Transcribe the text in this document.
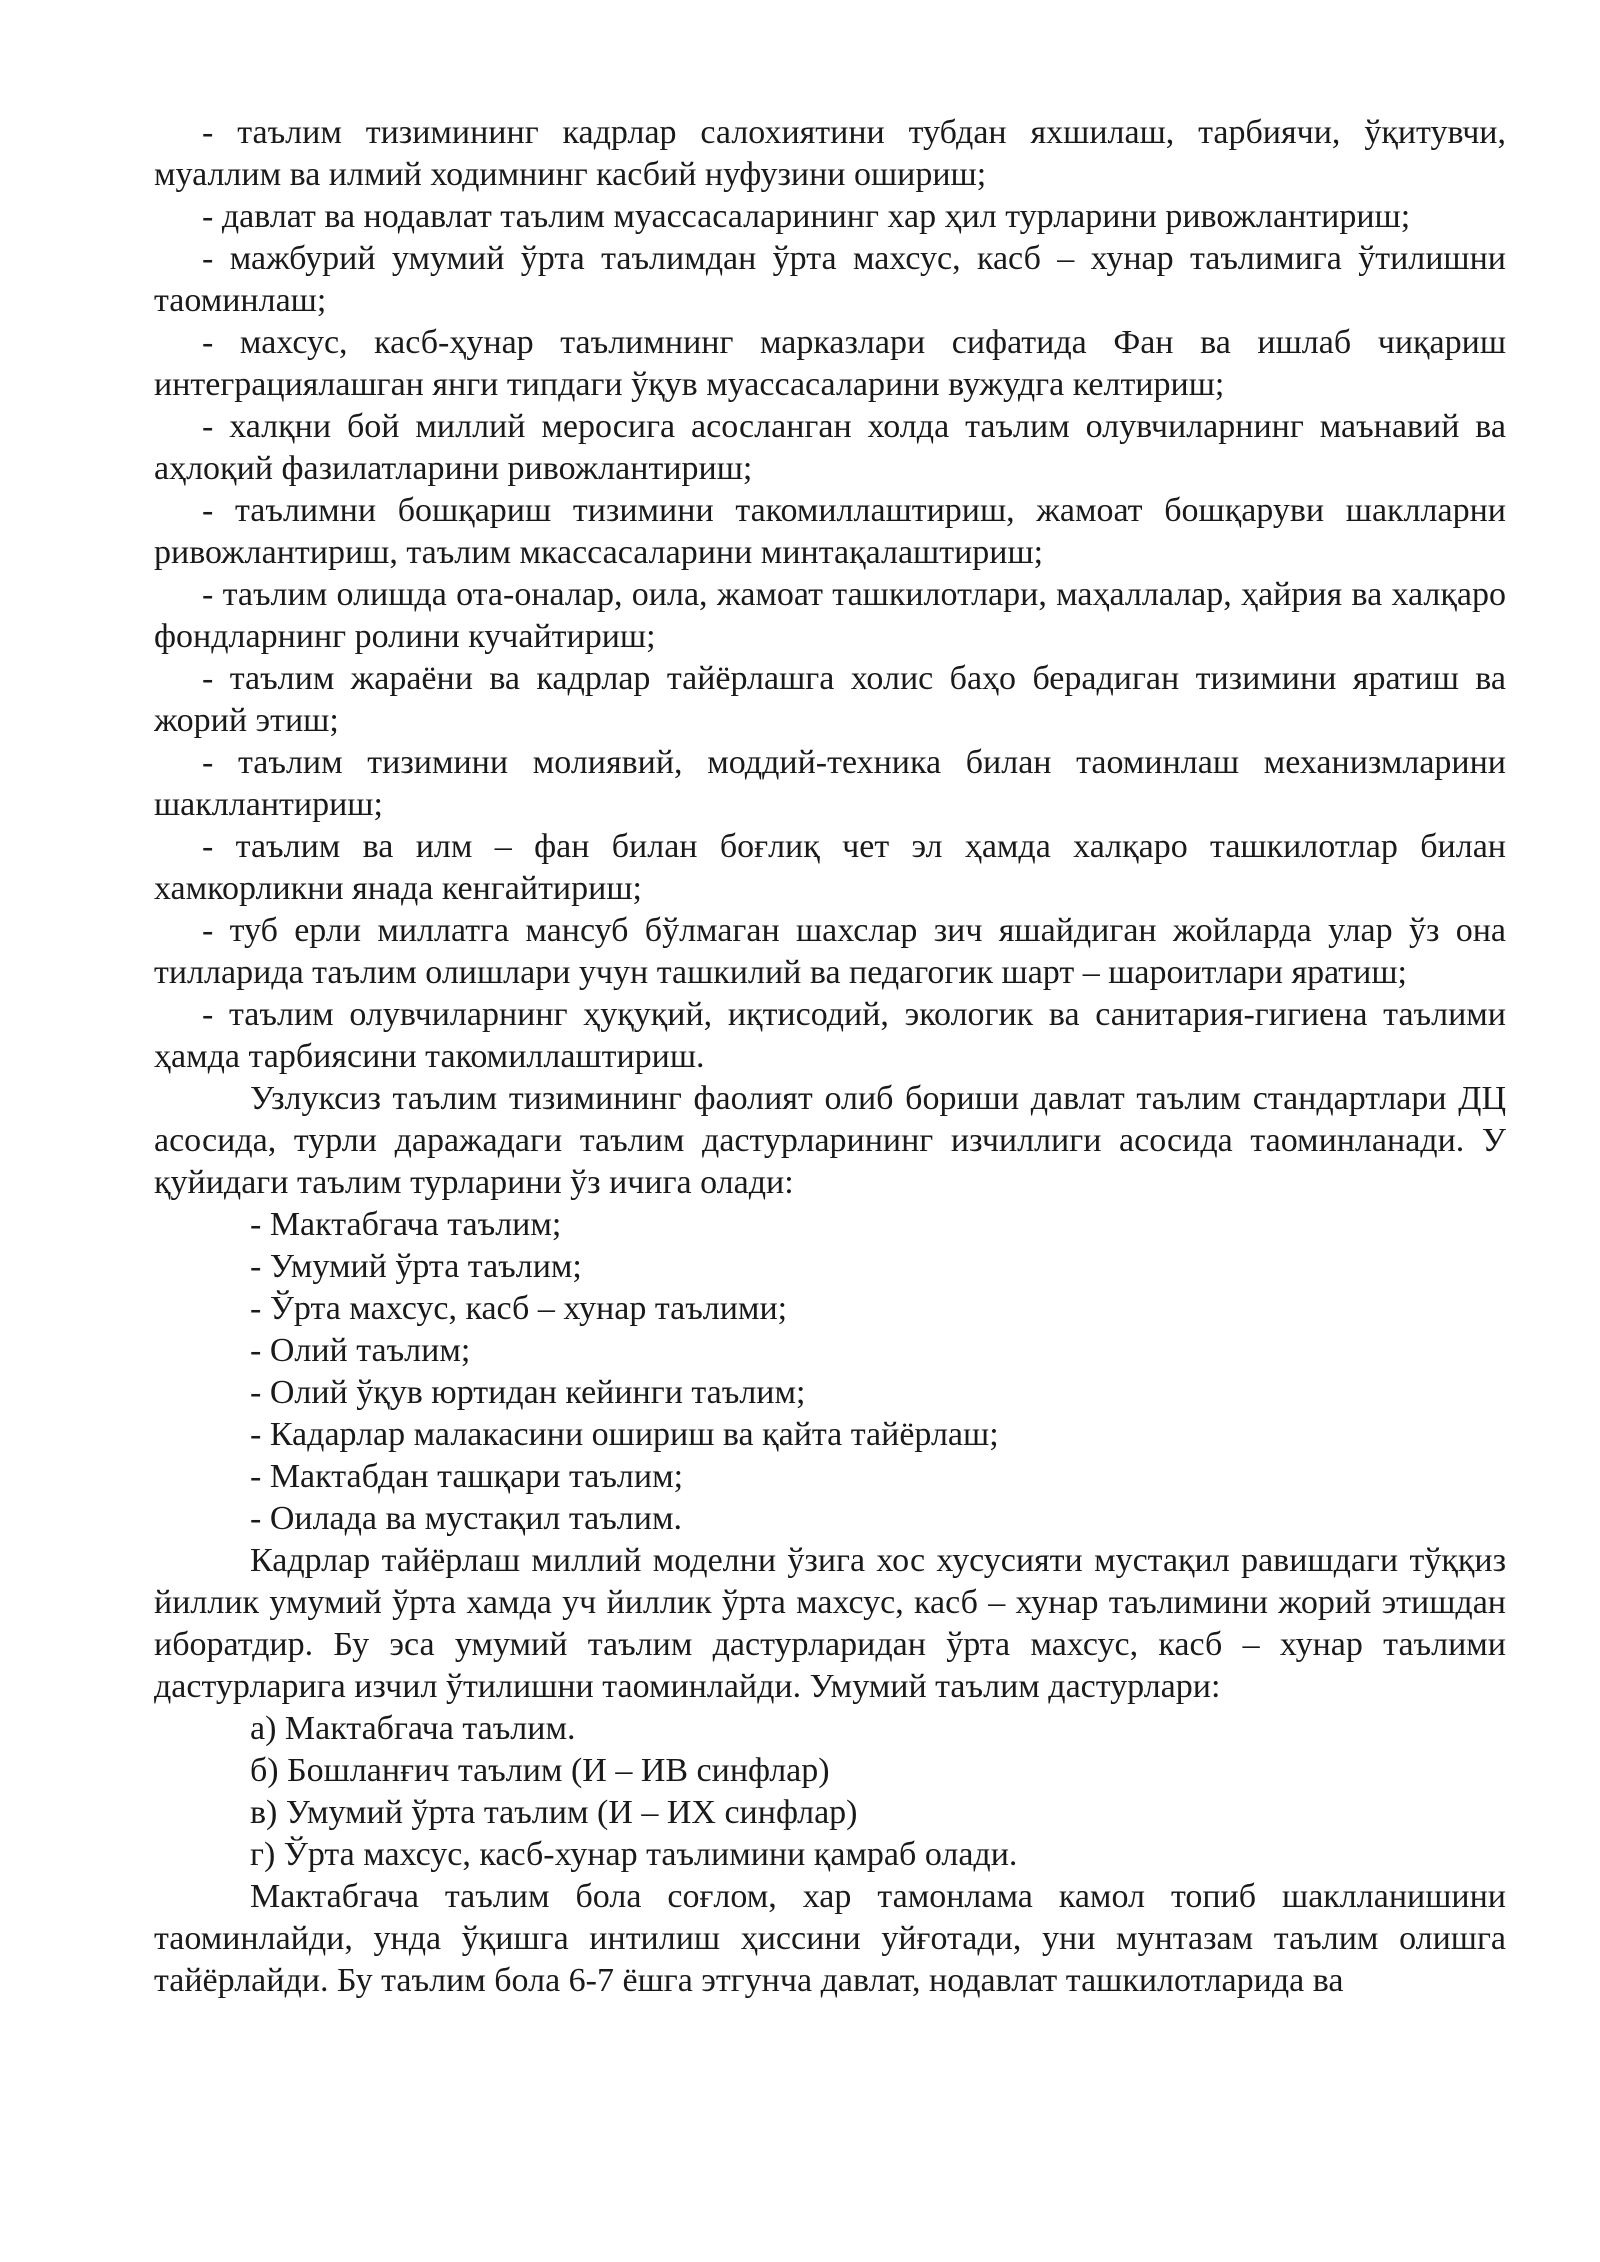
- таълим тизимининг кадрлар салохиятини тубдан яхшилаш, тарбиячи, ўқитувчи, муаллим ва илмий ходимнинг касбий нуфузини ошириш;

- давлат ва нодавлат таълим муассасаларининг хар ҳил турларини ривожлантириш;

- мажбурий умумий ўрта таълимдан ўрта махсус, касб – хунар таълимига ўтилишни таоминлаш;

- махсус, касб-ҳунар таълимнинг марказлари сифатида Фан ва ишлаб чиқариш интеграциялашган янги типдаги ўқув муассасаларини вужудга келтириш;

- халқни бой миллий меросига асосланган холда таълим олувчиларнинг маънавий ва аҳлоқий фазилатларини ривожлантириш;

- таълимни бошқариш тизимини такомиллаштириш, жамоат бошқаруви шаклларни ривожлантириш, таълим мкассасаларини минтақалаштириш;

- таълим олишда ота-оналар, оила, жамоат ташкилотлари, маҳаллалар, ҳайрия ва халқаро фондларнинг ролини кучайтириш;

- таълим жараёни ва кадрлар тайёрлашга холис баҳо берадиган тизимини яратиш ва жорий этиш;

- таълим тизимини молиявий, моддий-техника билан таоминлаш механизмларини шакллантириш;

- таълим ва илм – фан билан боғлиқ чет эл ҳамда халқаро ташкилотлар билан хамкорликни янада кенгайтириш;

- туб ерли миллатга мансуб бўлмаган шахслар зич яшайдиган жойларда улар ўз она тилларида таълим олишлари учун ташкилий ва педагогик шарт – шароитлари яратиш;

- таълим олувчиларнинг ҳуқуқий, иқтисодий, экологик ва санитария-гигиена таълими ҳамда тарбиясини такомиллаштириш.

Узлуксиз таълим тизимининг фаолият олиб бориши давлат таълим стандартлари ДЦ асосида, турли даражадаги таълим дастурларининг изчиллиги асосида таоминланади. У қуйидаги таълим турларини ўз ичига олади:

- Мактабгача таълим;

- Умумий ўрта таълим;

- Ўрта махсус, касб – хунар таълими;

- Олий таълим;

- Олий ўқув юртидан кейинги таълим;

- Кадарлар малакасини ошириш ва қайта тайёрлаш;

- Мактабдан ташқари таълим;

- Оилада ва мустақил таълим.

Кадрлар тайёрлаш миллий моделни ўзига хос хусусияти мустақил равишдаги тўққиз йиллик умумий ўрта хамда уч йиллик ўрта махсус, касб – хунар таълимини жорий этишдан иборатдир. Бу эса умумий таълим дастурларидан ўрта махсус, касб – хунар таълими дастурларига изчил ўтилишни таоминлайди. Умумий таълим дастурлари:

а) Мактабгача таълим.

б) Бошланғич таълим (И – ИВ синфлар)

в) Умумий ўрта таълим (И – ИХ синфлар)

г) Ўрта махсус, касб-хунар таълимини қамраб олади.

Мактабгача таълим бола соғлом, хар тамонлама камол топиб шаклланишини таоминлайди, унда ўқишга интилиш ҳиссини уйғотади, уни мунтазам таълим олишга тайёрлайди. Бу таълим бола 6-7 ёшга этгунча давлат, нодавлат ташкилотларида ва
